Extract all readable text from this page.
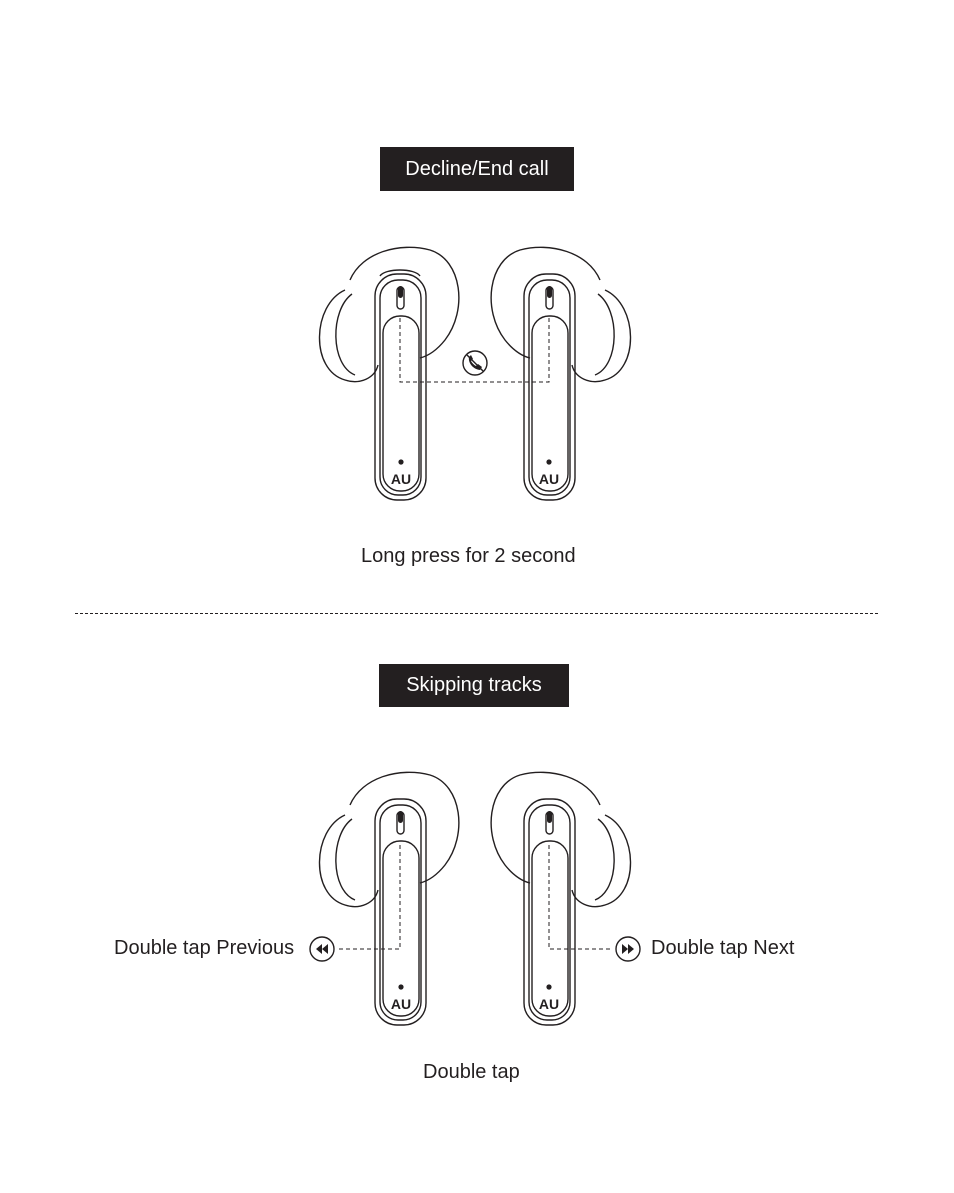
Decline/End call
AU	AU
Long press for 2 second
Skipping tracks
AU	AU
Double tap Previous	Double tap Next
Double tap
